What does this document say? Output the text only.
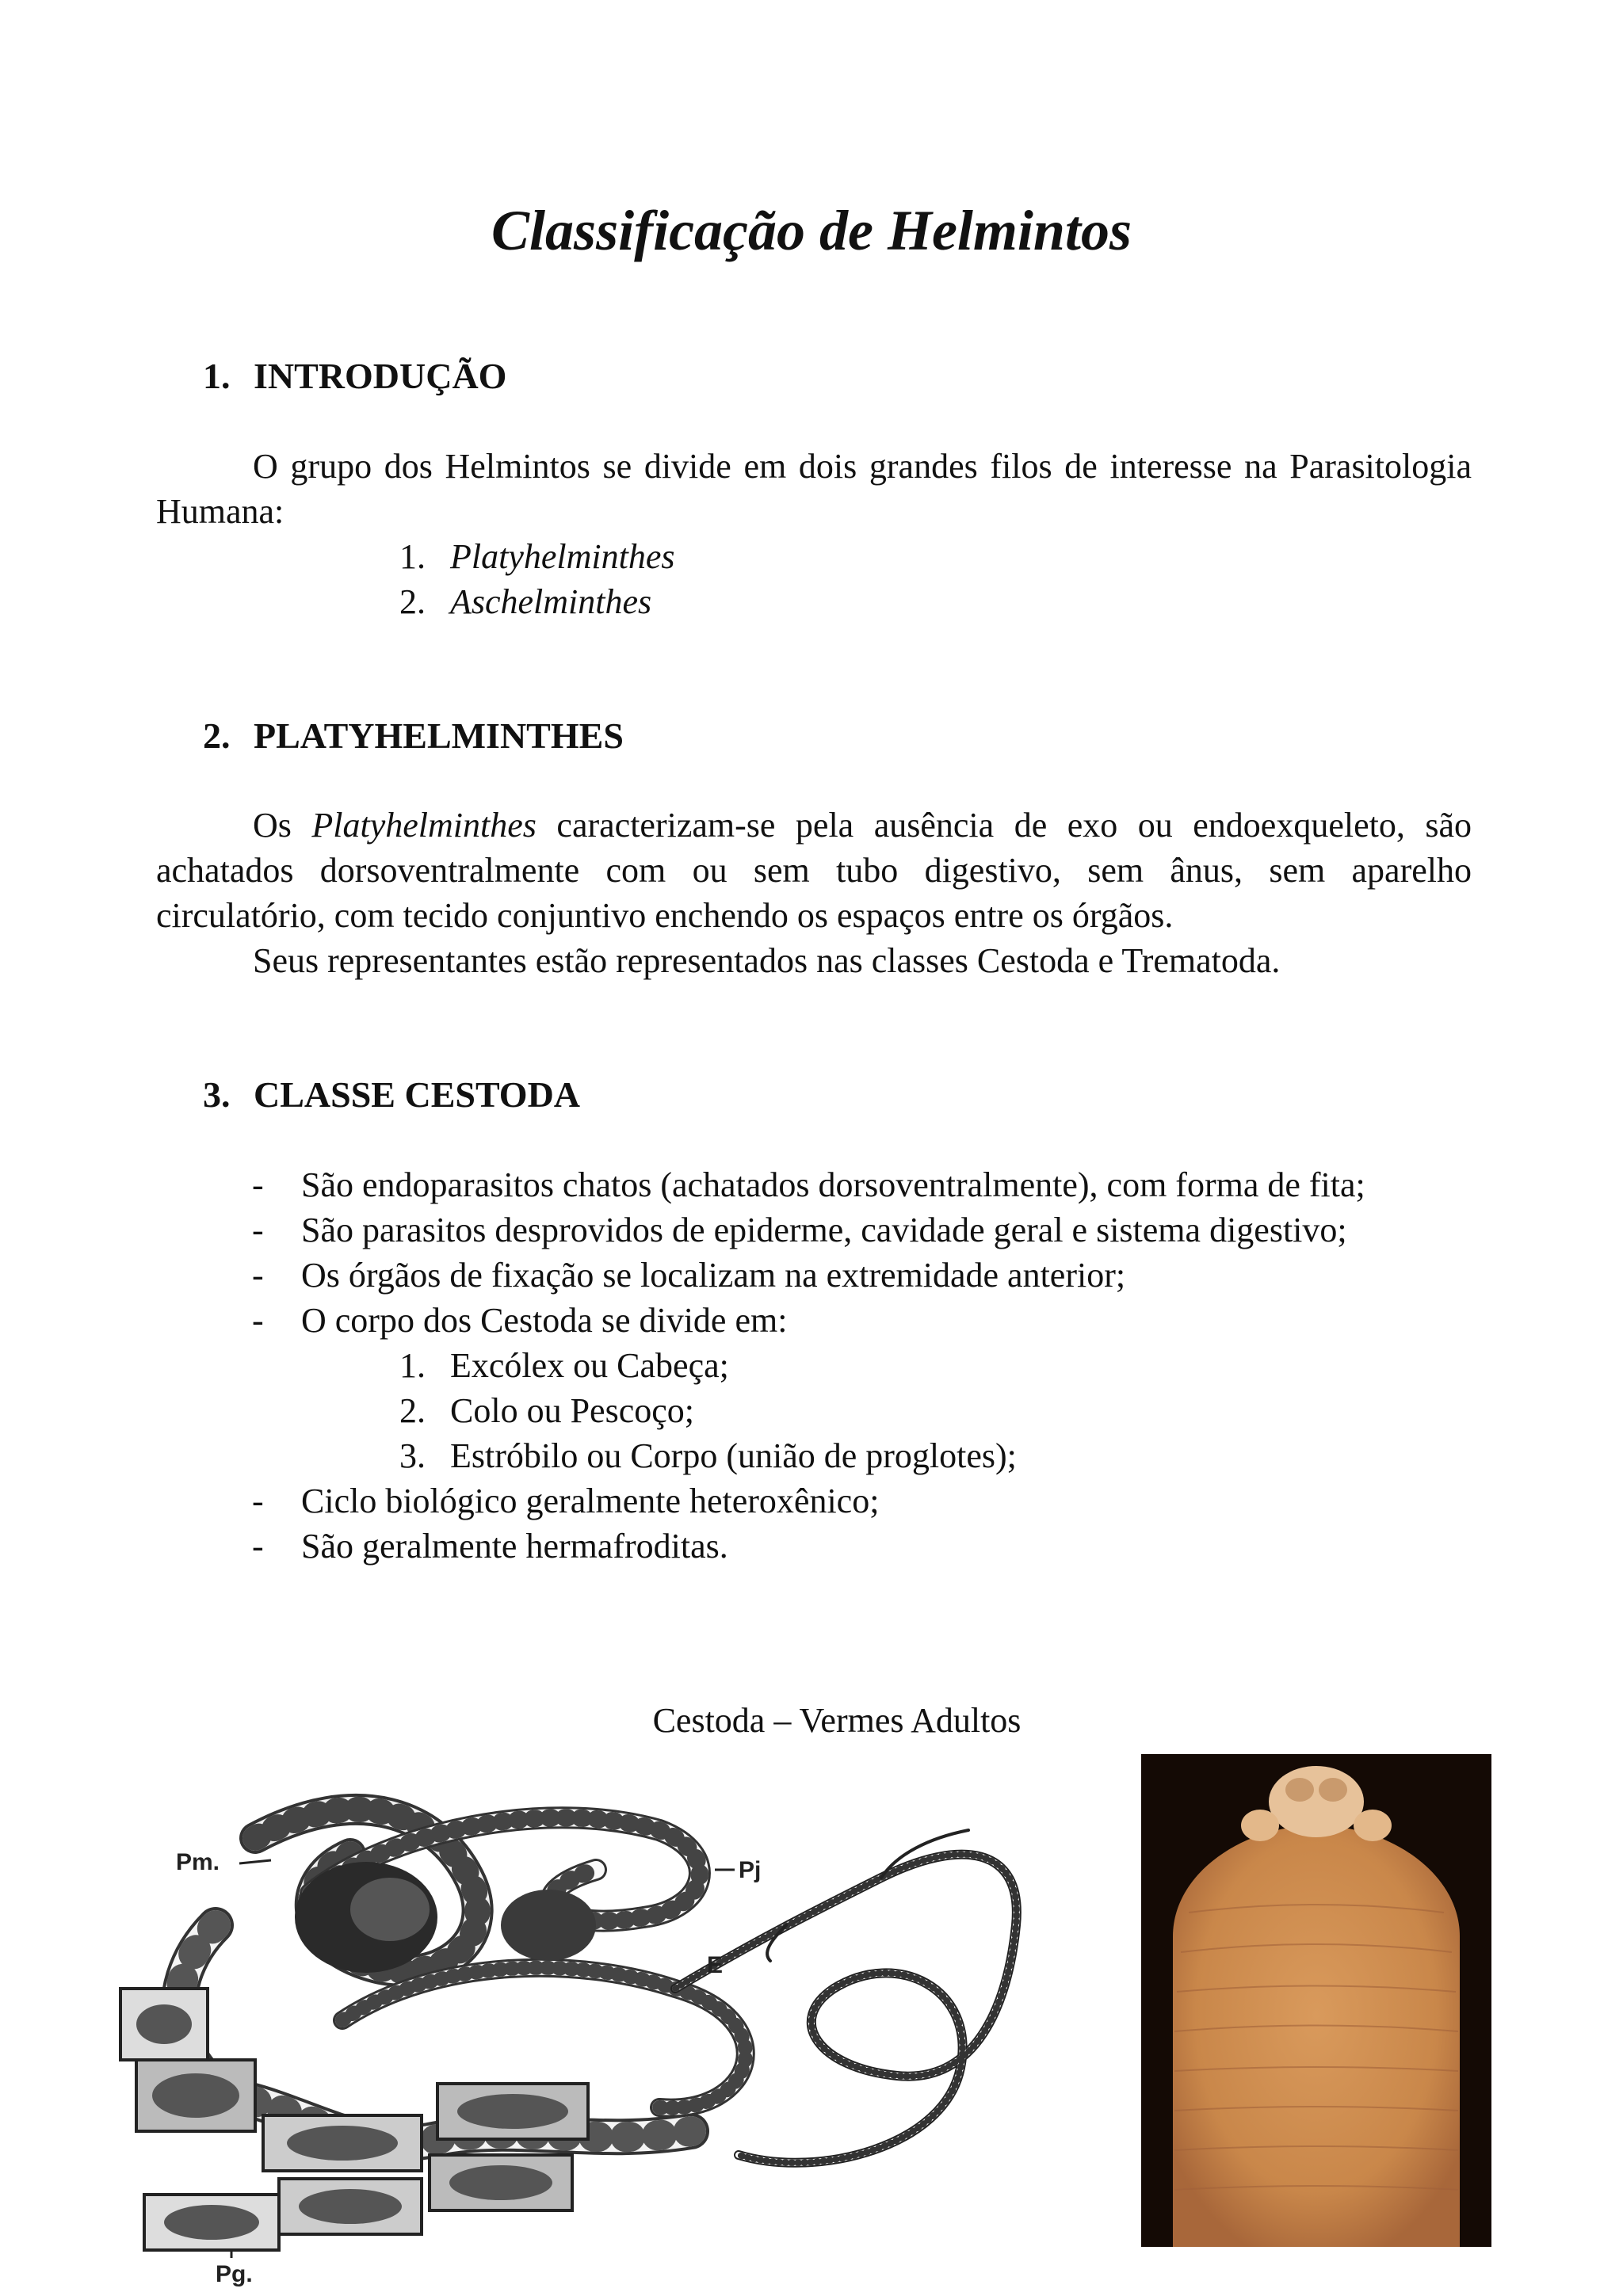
Classificação de Helmintos
1. INTRODUÇÃO

O grupo dos Helmintos se divide em dois grandes filos de interesse na Parasitologia Humana:

1. Platyhelminthes
2. Aschelminthes
2. PLATYHELMINTHES

Os Platyhelminthes caracterizam-se pela ausência de exo ou endoexqueleto, são achatados dorsoventralmente com ou sem tubo digestivo, sem ânus, sem aparelho circulatório, com tecido conjuntivo enchendo os espaços entre os órgãos.

Seus representantes estão representados nas classes Cestoda e Trematoda.

3. CLASSE CESTODA
- São endoparasitos chatos (achatados dorsoventralmente), com forma de fita;
- São parasitos desprovidos de epiderme, cavidade geral e sistema digestivo;
- Os órgãos de fixação se localizam na extremidade anterior;
- O corpo dos Cestoda se divide em:
1. Excólex ou Cabeça;
2. Colo ou Pescoço;
3. Estróbilo ou Corpo (união de proglotes);
- Ciclo biológico geralmente heteroxênico;
- São geralmente hermafroditas.

Cestoda – Vermes Adultos

Pm.	Pj
E
Pg.
